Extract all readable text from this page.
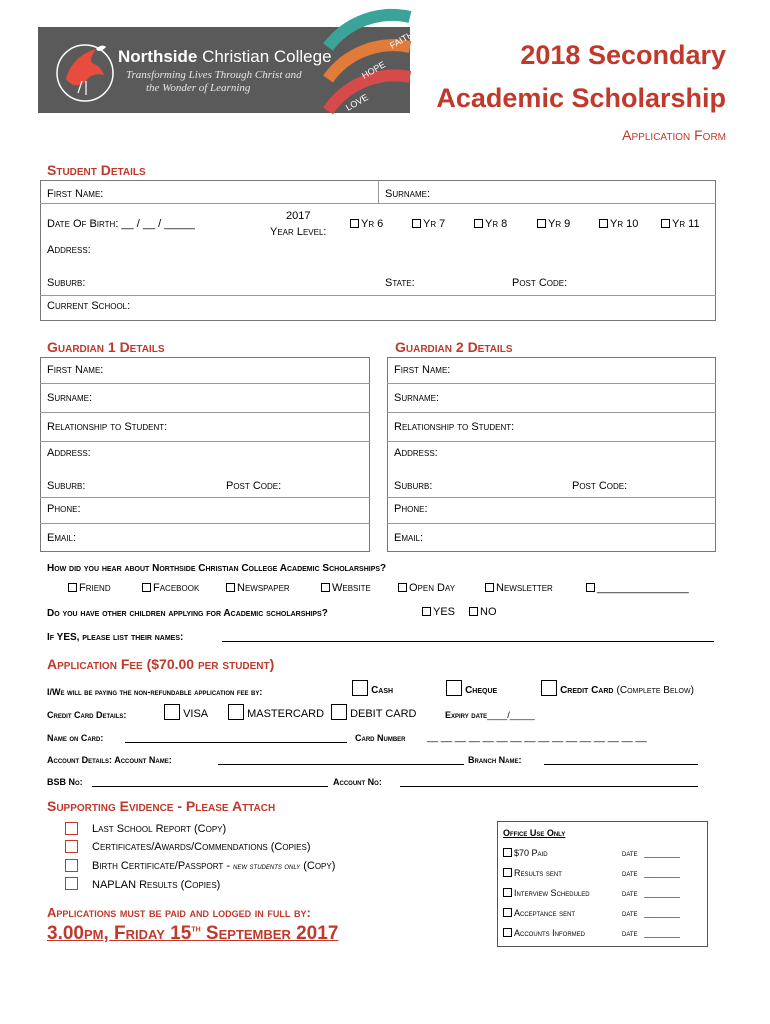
Northside Christian College
Transforming Lives Through Christ and
the Wonder of Learning
FAITH
HOPE
LOVE
2018 Secondary
Academic Scholarship
Application Form
Student Details
First Name:	Surname:
Date Of Birth: __ / __ / _____
2017
Year Level:
Yr 6	Yr 7	Yr 8	Yr 9	Yr 10	Yr 11
Address:
Suburb:	State:	Post Code:
Current School:
Guardian 1 Details	Guardian 2 Details
First Name:
Surname:
Relationship to Student:
Address:
Suburb:	Post Code:
Phone:
Email:
First Name:
Surname:
Relationship to Student:
Address:
Suburb:	Post Code:
Phone:
Email:
How did you hear about Northside Christian College Academic Scholarships?
Friend	Facebook	Newspaper	Website	Open Day	Newsletter	_______________
Do you have other children applying for Academic scholarships?	YES	NO
If YES, please list their names:
Application Fee ($70.00 per student)
I/We will be paying the non-refundable application fee by:	Cash	Cheque	Credit Card (Complete Below)
Credit Card Details:	VISA	MASTERCARD	DEBIT CARD	Expiry date____/_____
Name on Card:	Card Number __ __ __ __ __ __ __ __ __ __ __ __ __ __ __ __
Account Details: Account Name:	Branch Name:
BSB No:	Account No:
Supporting Evidence - Please Attach
Last School Report (Copy)
Certificates/Awards/Commendations (Copies)
Birth Certificate/Passport - new students only (Copy)
NAPLAN Results (Copies)
Applications must be paid and lodged in full by:
3.00pm, Friday 15th September 2017
Office Use Only
$70 Paid	date ________
Results sent	date ________
Interview Scheduled	date ________
Acceptance sent	date ________
Accounts Informed	date ________
